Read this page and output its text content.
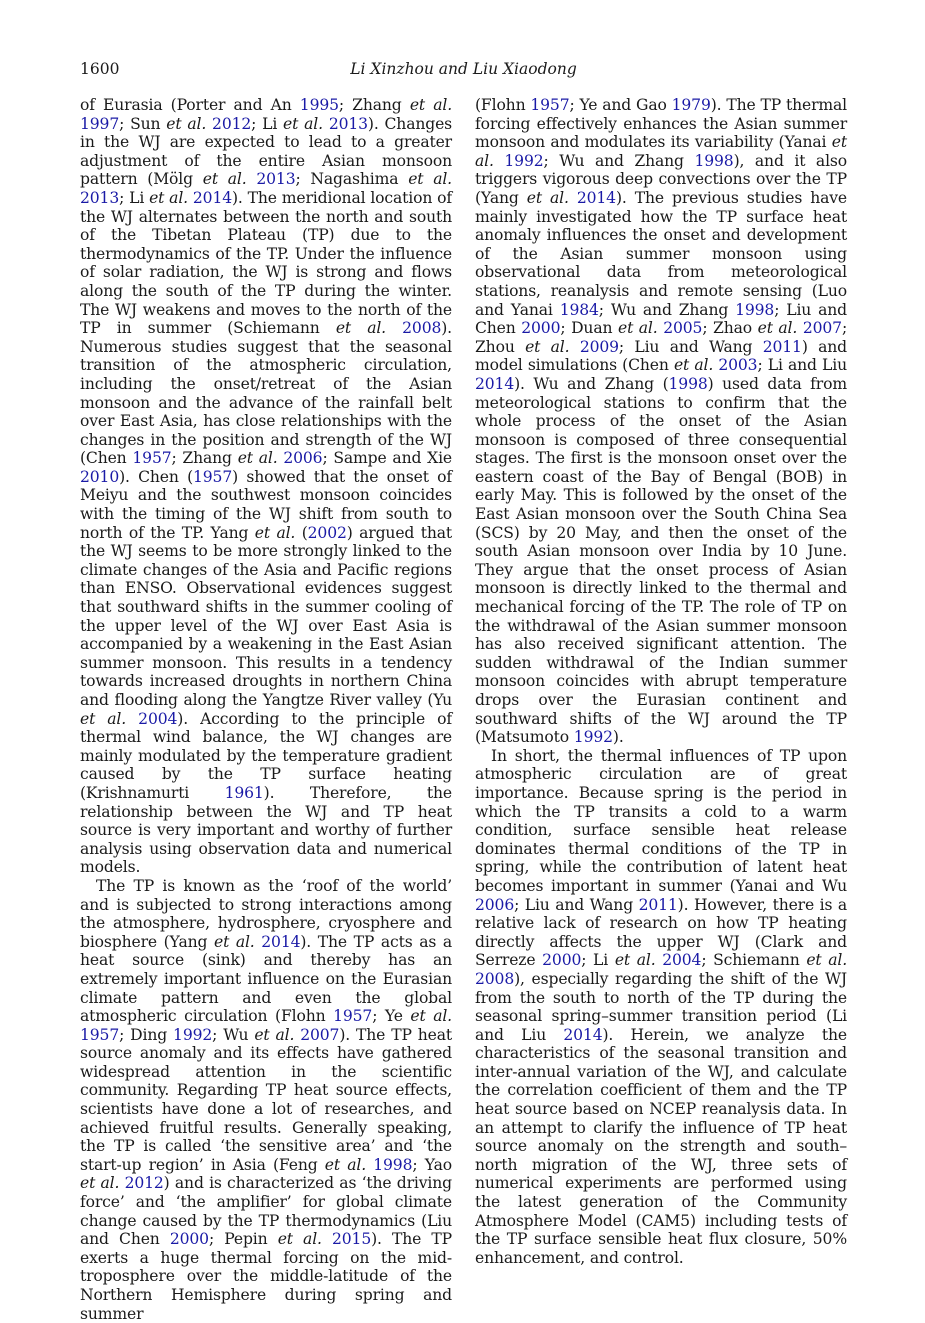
1600	Li Xinzhou and Liu Xiaodong

of Eurasia (Porter and An 1995; Zhang et al. 1997; Sun et al. 2012; Li et al. 2013). Changes in the WJ are expected to lead to a greater adjustment of the entire Asian monsoon pattern (Mölg et al. 2013; Nagashima et al. 2013; Li et al. 2014). The meridional location of the WJ alternates between the north and south of the Tibetan Plateau (TP) due to the thermodynamics of the TP. Under the influence of solar radiation, the WJ is strong and flows along the south of the TP during the winter. The WJ weakens and moves to the north of the TP in summer (Schiemann et al. 2008). Numerous studies suggest that the seasonal transition of the atmospheric circulation, including the onset/retreat of the Asian monsoon and the advance of the rainfall belt over East Asia, has close relationships with the changes in the position and strength of the WJ (Chen 1957; Zhang et al. 2006; Sampe and Xie 2010). Chen (1957) showed that the onset of Meiyu and the southwest monsoon coincides with the timing of the WJ shift from south to north of the TP. Yang et al. (2002) argued that the WJ seems to be more strongly linked to the climate changes of the Asia and Pacific regions than ENSO. Observational evidences suggest that southward shifts in the summer cooling of the upper level of the WJ over East Asia is accompanied by a weakening in the East Asian summer monsoon. This results in a tendency towards increased droughts in northern China and flooding along the Yangtze River valley (Yu et al. 2004). According to the principle of thermal wind balance, the WJ changes are mainly modulated by the temperature gradient caused by the TP surface heating (Krishnamurti 1961). Therefore, the relationship between the WJ and TP heat source is very important and worthy of further analysis using observation data and numerical models.

The TP is known as the ‘roof of the world’ and is subjected to strong interactions among the atmosphere, hydrosphere, cryosphere and biosphere (Yang et al. 2014). The TP acts as a heat source (sink) and thereby has an extremely important influence on the Eurasian climate pattern and even the global atmospheric circulation (Flohn 1957; Ye et al. 1957; Ding 1992; Wu et al. 2007). The TP heat source anomaly and its effects have gathered widespread attention in the scientific community. Regarding TP heat source effects, scientists have done a lot of researches, and achieved fruitful results. Generally speaking, the TP is called ‘the sensitive area’ and ‘the start-up region’ in Asia (Feng et al. 1998; Yao et al. 2012) and is characterized as ‘the driving force’ and ‘the amplifier’ for global climate change caused by the TP thermodynamics (Liu and Chen 2000; Pepin et al. 2015). The TP exerts a huge thermal forcing on the mid-troposphere over the middle-latitude of the Northern Hemisphere during spring and summer

(Flohn 1957; Ye and Gao 1979). The TP thermal forcing effectively enhances the Asian summer monsoon and modulates its variability (Yanai et al. 1992; Wu and Zhang 1998), and it also triggers vigorous deep convections over the TP (Yang et al. 2014). The previous studies have mainly investigated how the TP surface heat anomaly influences the onset and development of the Asian summer monsoon using observational data from meteorological stations, reanalysis and remote sensing (Luo and Yanai 1984; Wu and Zhang 1998; Liu and Chen 2000; Duan et al. 2005; Zhao et al. 2007; Zhou et al. 2009; Liu and Wang 2011) and model simulations (Chen et al. 2003; Li and Liu 2014). Wu and Zhang (1998) used data from meteorological stations to confirm that the whole process of the onset of the Asian monsoon is composed of three consequential stages. The first is the monsoon onset over the eastern coast of the Bay of Bengal (BOB) in early May. This is followed by the onset of the East Asian monsoon over the South China Sea (SCS) by 20 May, and then the onset of the south Asian monsoon over India by 10 June. They argue that the onset process of Asian monsoon is directly linked to the thermal and mechanical forcing of the TP. The role of TP on the withdrawal of the Asian summer monsoon has also received significant attention. The sudden withdrawal of the Indian summer monsoon coincides with abrupt temperature drops over the Eurasian continent and southward shifts of the WJ around the TP (Matsumoto 1992).

In short, the thermal influences of TP upon atmospheric circulation are of great importance. Because spring is the period in which the TP transits a cold to a warm condition, surface sensible heat release dominates thermal conditions of the TP in spring, while the contribution of latent heat becomes important in summer (Yanai and Wu 2006; Liu and Wang 2011). However, there is a relative lack of research on how TP heating directly affects the upper WJ (Clark and Serreze 2000; Li et al. 2004; Schiemann et al. 2008), especially regarding the shift of the WJ from the south to north of the TP during the seasonal spring–summer transition period (Li and Liu 2014). Herein, we analyze the characteristics of the seasonal transition and inter-annual variation of the WJ, and calculate the correlation coefficient of them and the TP heat source based on NCEP reanalysis data. In an attempt to clarify the influence of TP heat source anomaly on the strength and south–north migration of the WJ, three sets of numerical experiments are performed using the latest generation of the Community Atmosphere Model (CAM5) including tests of the TP surface sensible heat flux closure, 50% enhancement, and control.
